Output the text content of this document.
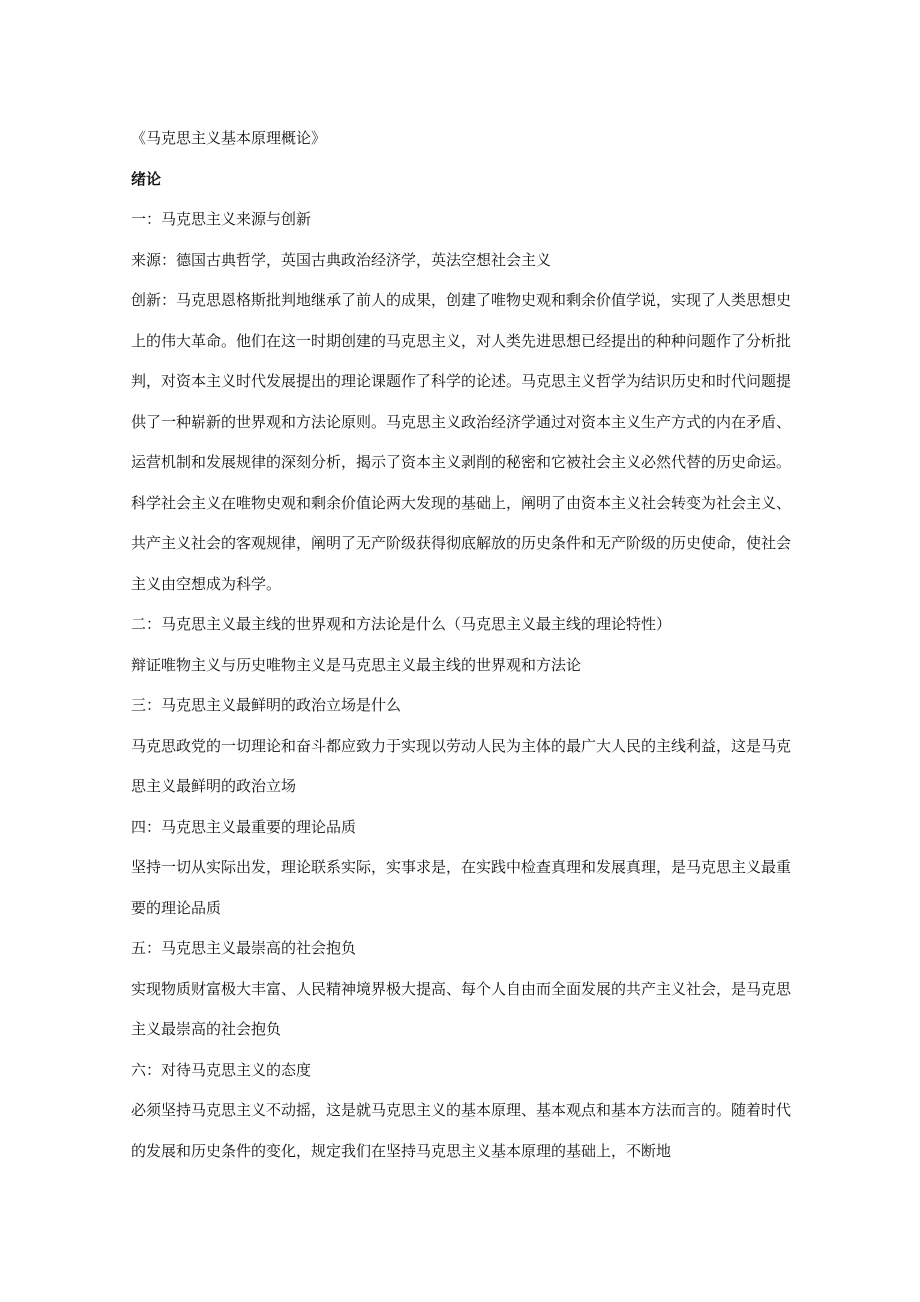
《马克思主义基本原理概论》
绪论
一：马克思主义来源与创新
来源：德国古典哲学，英国古典政治经济学，英法空想社会主义
创新：马克思恩格斯批判地继承了前人的成果，创建了唯物史观和剩余价值学说，实现了人类思想史上的伟大革命。他们在这一时期创建的马克思主义，对人类先进思想已经提出的种种问题作了分析批判，对资本主义时代发展提出的理论课题作了科学的论述。马克思主义哲学为结识历史和时代问题提供了一种崭新的世界观和方法论原则。马克思主义政治经济学通过对资本主义生产方式的内在矛盾、运营机制和发展规律的深刻分析，揭示了资本主义剥削的秘密和它被社会主义必然代替的历史命运。科学社会主义在唯物史观和剩余价值论两大发现的基础上，阐明了由资本主义社会转变为社会主义、共产主义社会的客观规律，阐明了无产阶级获得彻底解放的历史条件和无产阶级的历史使命，使社会主义由空想成为科学。
二：马克思主义最主线的世界观和方法论是什么（马克思主义最主线的理论特性）
辩证唯物主义与历史唯物主义是马克思主义最主线的世界观和方法论
三：马克思主义最鲜明的政治立场是什么
马克思政党的一切理论和奋斗都应致力于实现以劳动人民为主体的最广大人民的主线利益，这是马克思主义最鲜明的政治立场
四：马克思主义最重要的理论品质
坚持一切从实际出发，理论联系实际，实事求是，在实践中检查真理和发展真理，是马克思主义最重要的理论品质
五：马克思主义最崇高的社会抱负
实现物质财富极大丰富、人民精神境界极大提高、每个人自由而全面发展的共产主义社会，是马克思主义最崇高的社会抱负
六：对待马克思主义的态度
必须坚持马克思主义不动摇，这是就马克思主义的基本原理、基本观点和基本方法而言的。随着时代的发展和历史条件的变化，规定我们在坚持马克思主义基本原理的基础上，不断地
